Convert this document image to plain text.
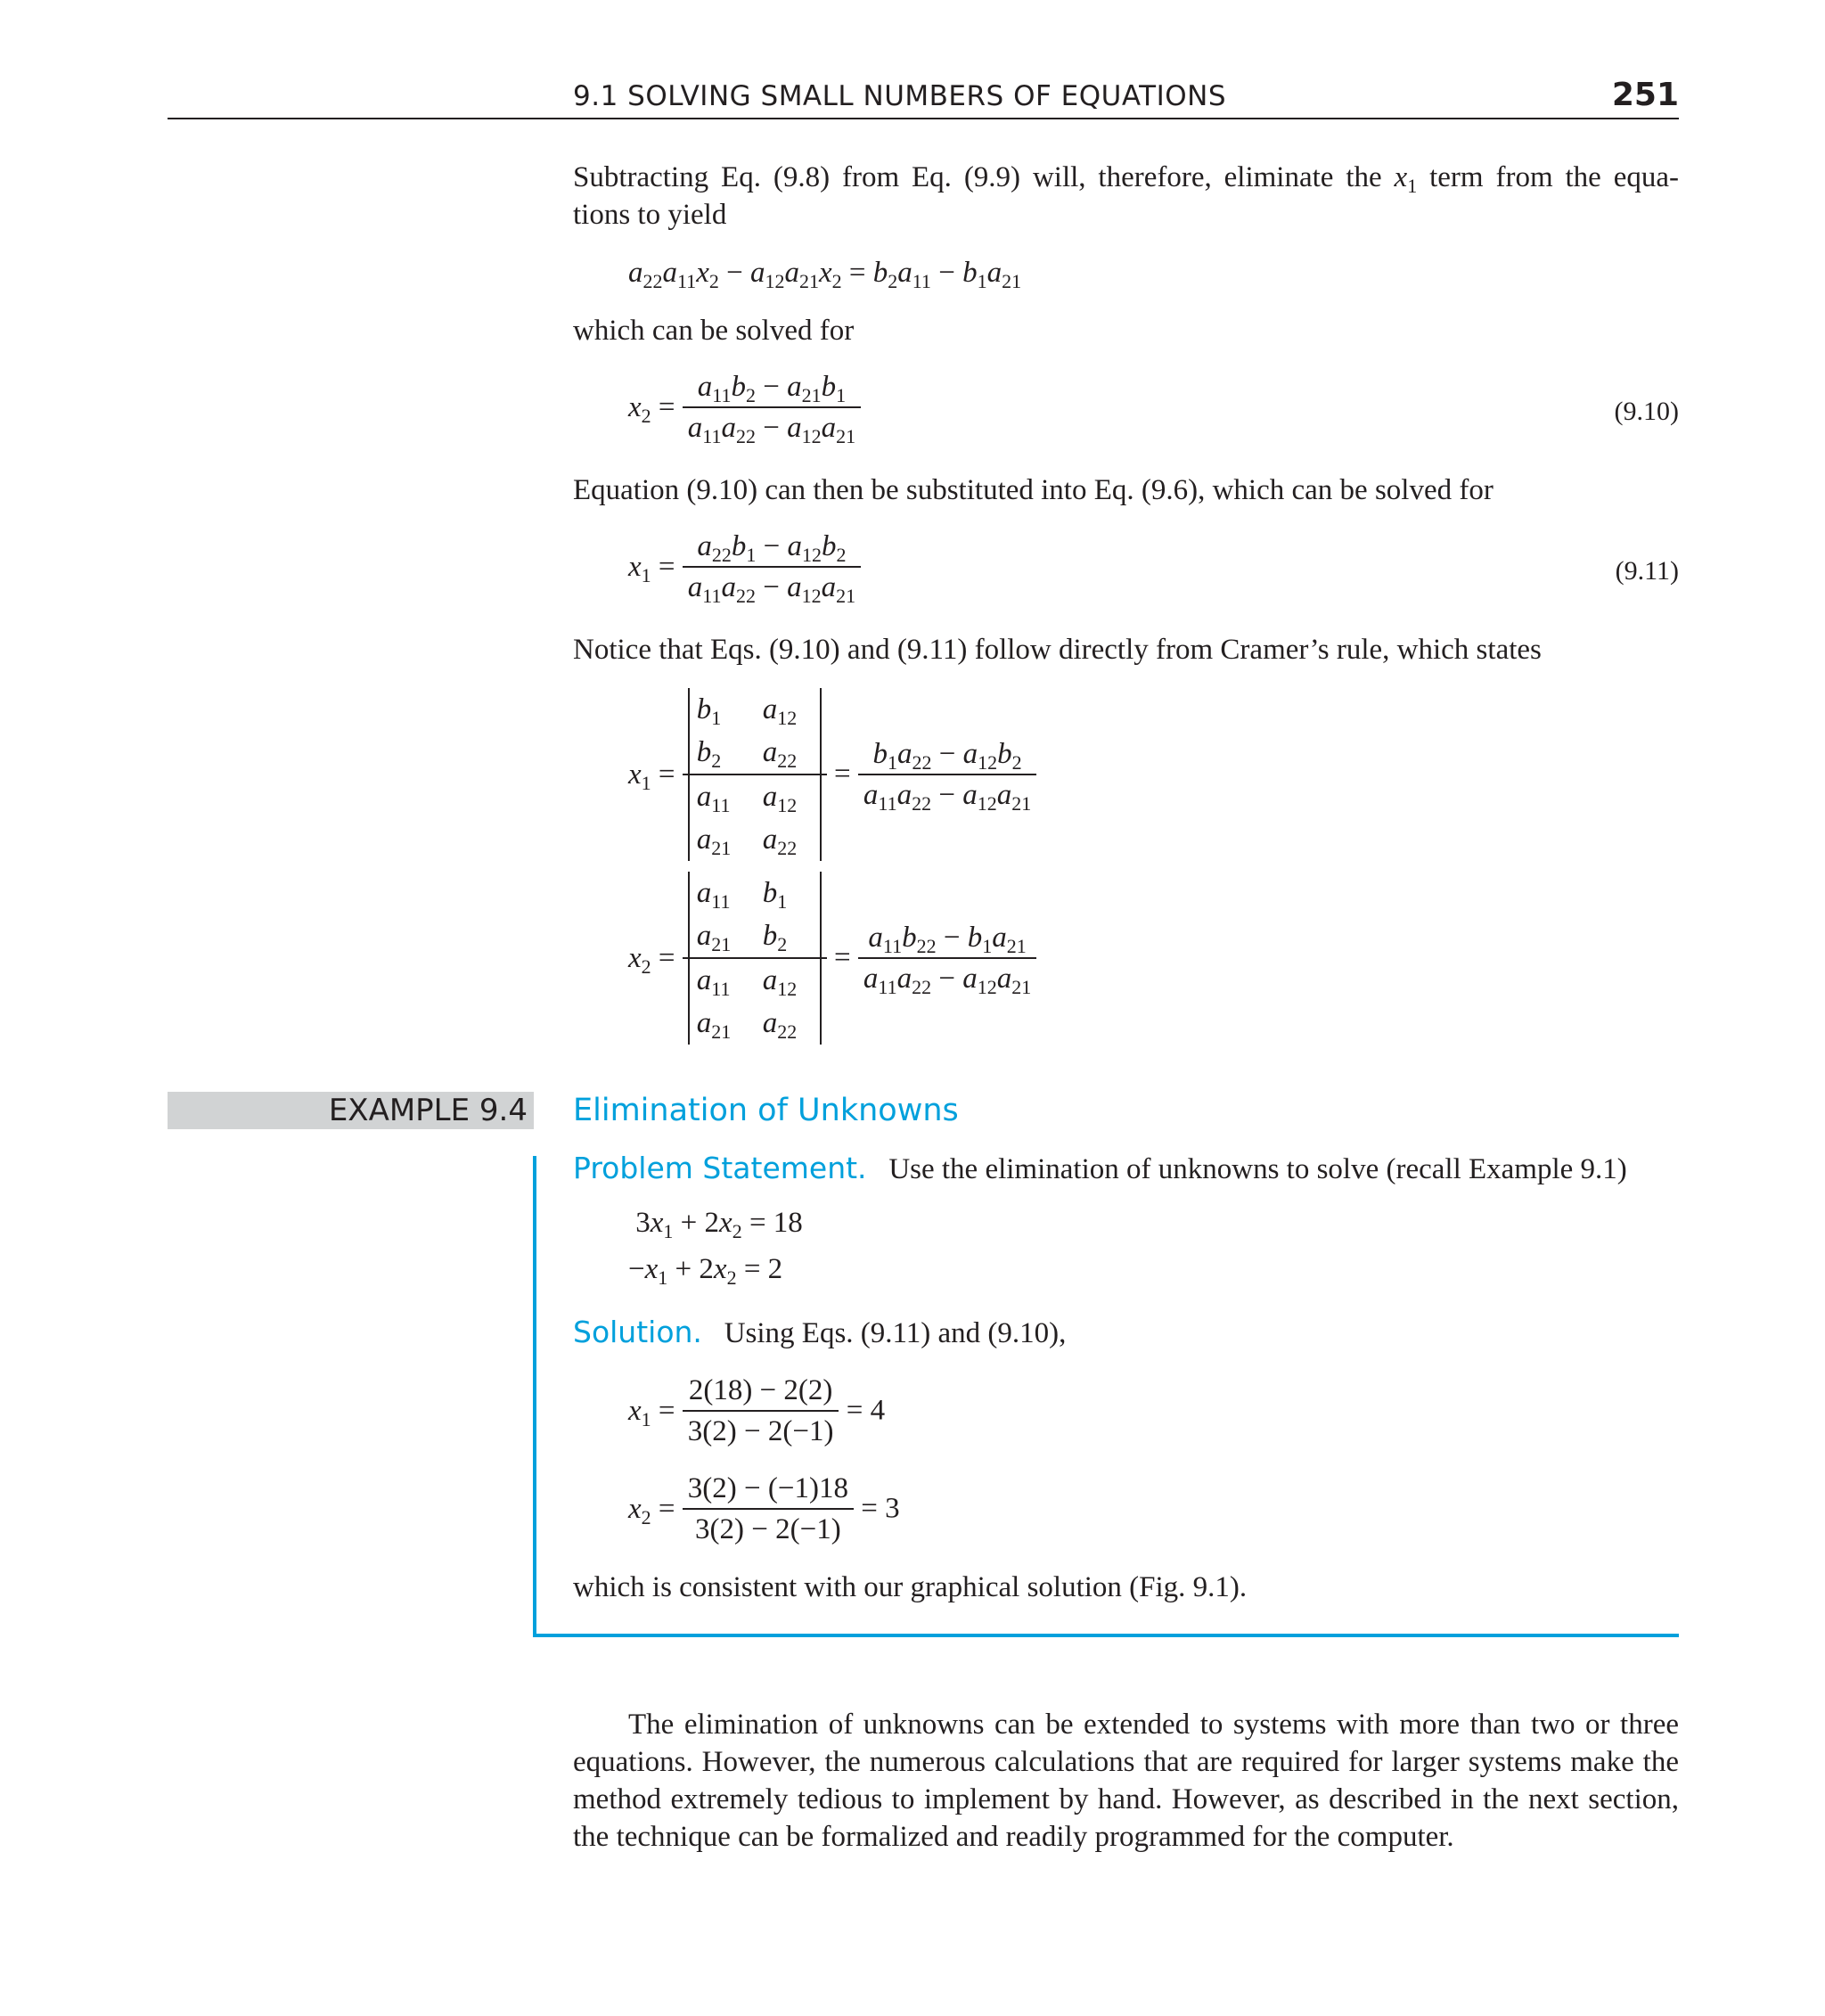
9.1 SOLVING SMALL NUMBERS OF EQUATIONS	251
Subtracting Eq. (9.8) from Eq. (9.9) will, therefore, eliminate the $x_1$ term from the equa-
tions to yield
$a_{22}a_{11}x_2 - a_{12}a_{21}x_2 = b_2a_{11} - b_1a_{21}$
which can be solved for
$x_2 = \frac{a_{11}b_2 - a_{21}b_1}{a_{11}a_{22} - a_{12}a_{21}}$	(9.10)
Equation (9.10) can then be substituted into Eq. (9.6), which can be solved for
$x_1 = \frac{a_{22}b_1 - a_{12}b_2}{a_{11}a_{22} - a_{12}a_{21}}$	(9.11)
Notice that Eqs. (9.10) and (9.11) follow directly from Cramer’s rule, which states
$x_1 = b_1$ $a_{12}$
$b_2$ $a_{22}$
$a_{11}$ $a_{12}$
$a_{21}$ $a_{22} = \frac{b_1a_{22} - a_{12}b_2}{a_{11}a_{22} - a_{12}a_{21}}$
$x_2 = a_{11}$ $b_1$
$a_{21}$ $b_2$
$a_{11}$ $a_{12}$
$a_{21}$ $a_{22} = \frac{a_{11}b_{22} - b_1a_{21}}{a_{11}a_{22} - a_{12}a_{21}}$
EXAMPLE 9.4 Elimination of Unknowns
Problem Statement. Use the elimination of unknowns to solve (recall Example 9.1)
$3x_1 + 2x_2 = 18$
$-x_1 + 2x_2 = 2$
Solution. Using Eqs. (9.11) and (9.10),
$x_1 = \frac{2(18) - 2(2)}{3(2) - 2(-1)} = 4$
$x_2 = \frac{3(2) - (-1)18}{3(2) - 2(-1)} = 3$
which is consistent with our graphical solution (Fig. 9.1).
The elimination of unknowns can be extended to systems with more than two or three equations. However, the numerous calculations that are required for larger systems make the method extremely tedious to implement by hand. However, as described in the next section, the technique can be formalized and readily programmed for the computer.
